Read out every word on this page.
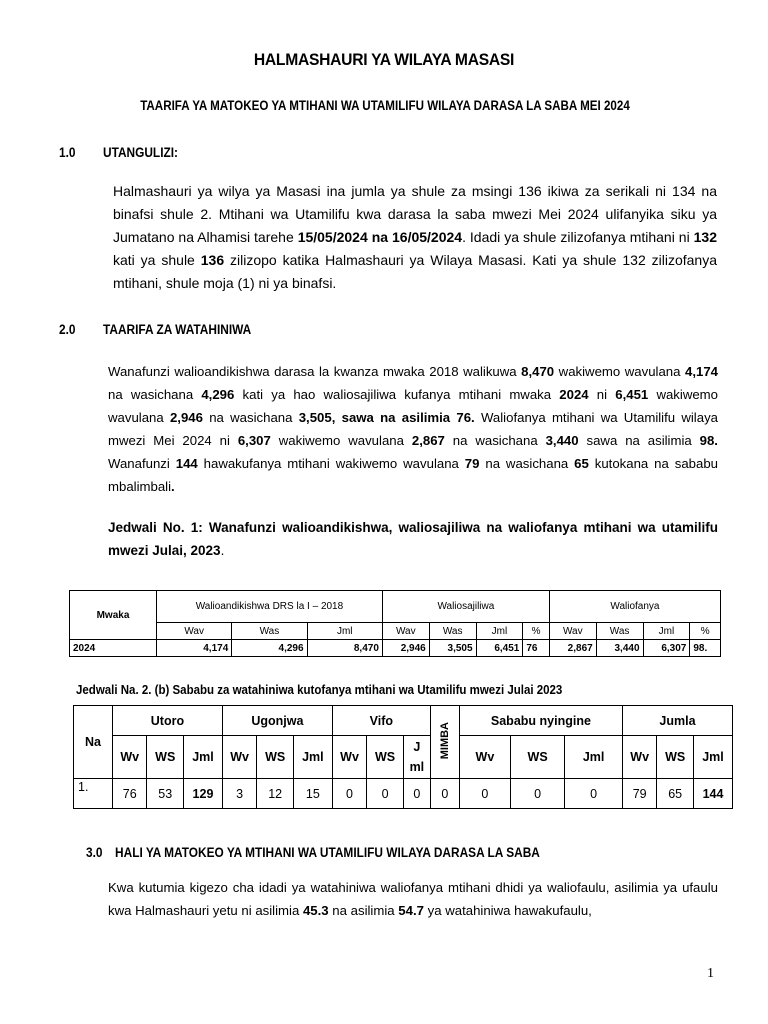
HALMASHAURI YA WILAYA MASASI
TAARIFA YA MATOKEO YA MTIHANI WA UTAMILIFU WILAYA DARASA LA SABA MEI 2024
1.0 UTANGULIZI:
Halmashauri ya wilya ya Masasi ina jumla ya shule za msingi 136 ikiwa za serikali ni 134 na binafsi shule 2. Mtihani wa Utamilifu kwa darasa la saba mwezi Mei 2024 ulifanyika siku ya Jumatano na Alhamisi tarehe 15/05/2024 na 16/05/2024. Idadi ya shule zilizofanya mtihani ni 132 kati ya shule 136 zilizopo katika Halmashauri ya Wilaya Masasi. Kati ya shule 132 zilizofanya mtihani, shule moja (1) ni ya binafsi.
2.0 TAARIFA ZA WATAHINIWA
Wanafunzi walioandikishwa darasa la kwanza mwaka 2018 walikuwa 8,470 wakiwemo wavulana 4,174 na wasichana 4,296 kati ya hao waliosajiliwa kufanya mtihani mwaka 2024 ni 6,451 wakiwemo wavulana 2,946 na wasichana 3,505, sawa na asilimia 76. Waliofanya mtihani wa Utamilifu wilaya mwezi Mei 2024 ni 6,307 wakiwemo wavulana 2,867 na wasichana 3,440 sawa na asilimia 98. Wanafunzi 144 hawakufanya mtihani wakiwemo wavulana 79 na wasichana 65 kutokana na sababu mbalimbali.
Jedwali No. 1: Wanafunzi walioandikishwa, waliosajiliwa na waliofanya mtihani wa utamilifu mwezi Julai, 2023.
Mwaka	Walioandikishwa DRS la I – 2018			Waliosajiliwa				Waliofanya			
	Wav	Was	Jml	Wav	Was	Jml	%	Wav	Was	Jml	%
2024	4,174	4,296	8,470	2,946	3,505	6,451	76	2,867	3,440	6,307	98.
Jedwali Na. 2. (b) Sababu za watahiniwa kutofanya mtihani wa Utamilifu mwezi Julai 2023
Na	Utoro			Ugonjwa			Vifo			MIMBA	Sababu nyingine			Jumla		
	Wv	WS	Jml	Wv	WS	Jml	Wv	WS	J ml		Wv	WS	Jml	Wv	WS	Jml
1.	76	53	129	3	12	15	0	0	0	0	0	0	0	79	65	144
3.0 HALI YA MATOKEO YA MTIHANI WA UTAMILIFU WILAYA DARASA LA SABA
Kwa kutumia kigezo cha idadi ya watahiniwa waliofanya mtihani dhidi ya waliofaulu, asilimia ya ufaulu kwa Halmashauri yetu ni asilimia 45.3 na asilimia 54.7 ya watahiniwa hawakufaulu,
1
